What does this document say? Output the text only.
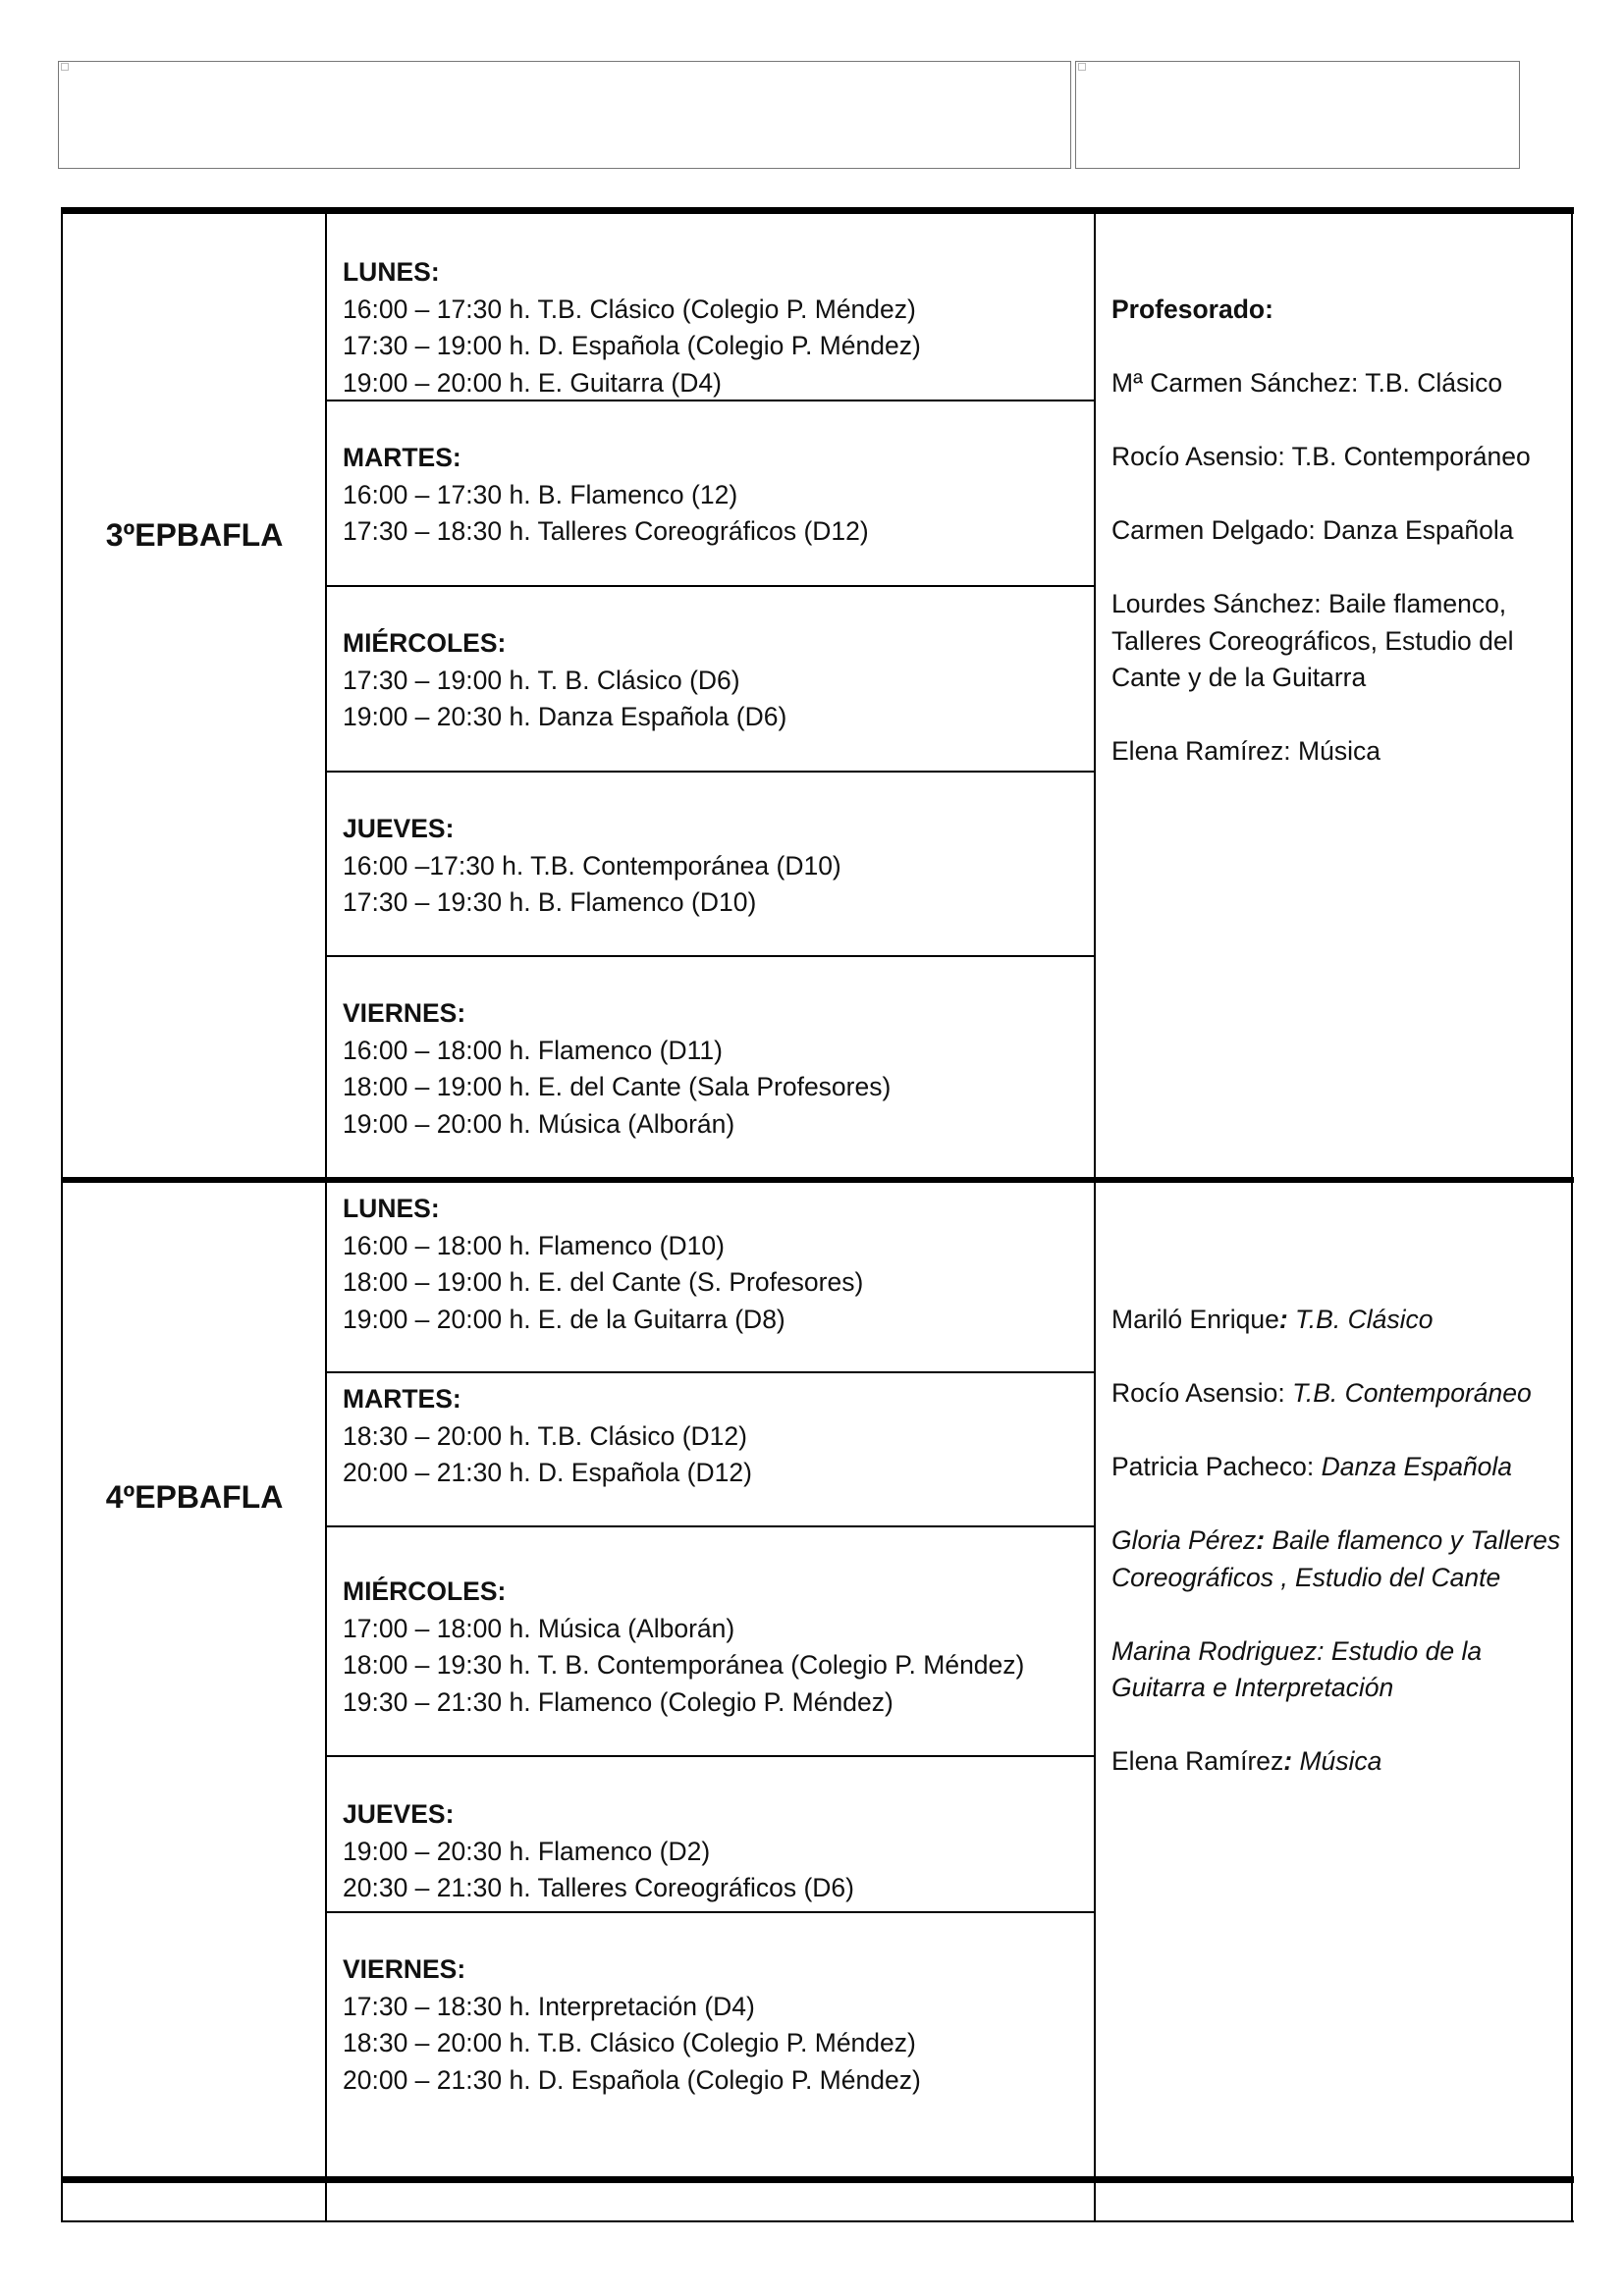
3ºEPBAFLA
LUNES:
16:00 – 17:30 h. T.B. Clásico (Colegio P. Méndez)
17:30 – 19:00 h. D. Española (Colegio P. Méndez)
19:00 – 20:00 h. E. Guitarra (D4)
MARTES:
16:00 – 17:30 h. B. Flamenco (12)
17:30 – 18:30 h. Talleres Coreográficos (D12)
MIÉRCOLES:
17:30 – 19:00 h. T. B. Clásico (D6)
19:00 – 20:30 h. Danza Española (D6)
JUEVES:
16:00 –17:30 h. T.B. Contemporánea (D10)
17:30 – 19:30 h. B. Flamenco (D10)
VIERNES:
16:00 – 18:00 h. Flamenco (D11)
18:00 – 19:00 h. E. del Cante (Sala Profesores)
19:00 – 20:00 h. Música (Alborán)

Profesorado:

Mª Carmen Sánchez: T.B. Clásico

Rocío Asensio: T.B. Contemporáneo

Carmen Delgado: Danza Española

Lourdes Sánchez: Baile flamenco, Talleres Coreográficos, Estudio del Cante y de la Guitarra

Elena Ramírez: Música

4ºEPBAFLA
LUNES:
16:00 – 18:00 h. Flamenco (D10)
18:00 – 19:00 h. E. del Cante (S. Profesores)
19:00 – 20:00 h. E. de la Guitarra (D8)
MARTES:
18:30 – 20:00 h. T.B. Clásico (D12)
20:00 – 21:30 h. D. Española (D12)
MIÉRCOLES:
17:00 – 18:00 h. Música (Alborán)
18:00 – 19:30 h. T. B. Contemporánea (Colegio P. Méndez)
19:30 – 21:30 h. Flamenco (Colegio P. Méndez)
JUEVES:
19:00 – 20:30 h. Flamenco (D2)
20:30 – 21:30 h. Talleres Coreográficos (D6)
VIERNES:
17:30 – 18:30 h. Interpretación (D4)
18:30 – 20:00 h. T.B. Clásico (Colegio P. Méndez)
20:00 – 21:30 h. D. Española (Colegio P. Méndez)

Mariló Enrique: T.B. Clásico

Rocío Asensio: T.B. Contemporáneo

Patricia Pacheco: Danza Española

Gloria Pérez: Baile flamenco y Talleres Coreográficos , Estudio del Cante

Marina Rodriguez: Estudio de la Guitarra e Interpretación

Elena Ramírez: Música
